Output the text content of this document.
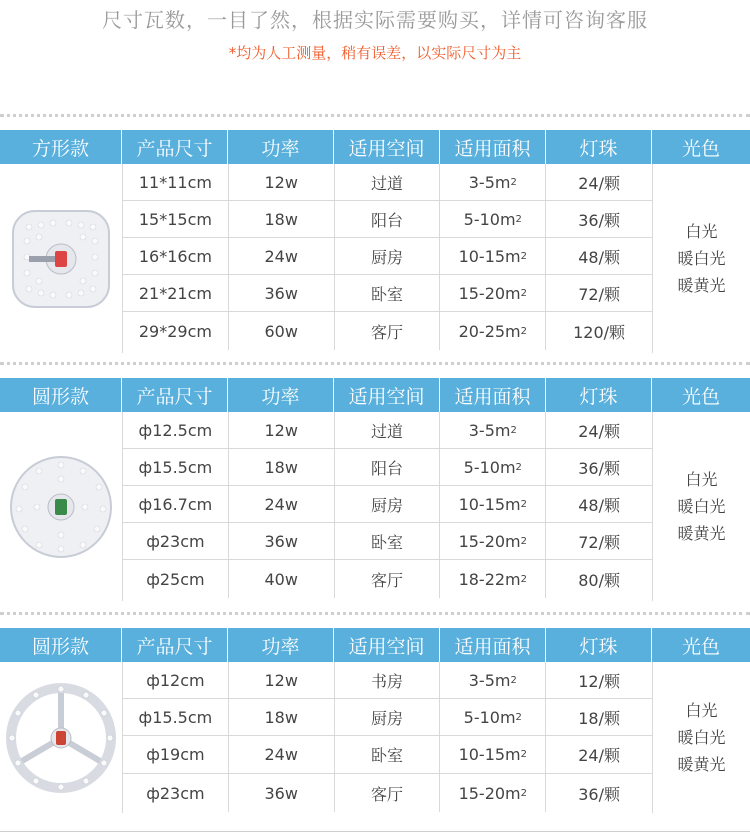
尺寸瓦数，一目了然，根据实际需要购买，详情可咨询客服
*均为人工测量，稍有误差，以实际尺寸为主
方形款	产品尺寸	功率	适用空间	适用面积	灯珠	光色
11*11cm	12w	过道	3-5m 2	24/颗
15*15cm	18w	阳台	5-10m 2	36/颗
16*16cm	24w	厨房	10-15m 2	48/颗
21*21cm	36w	卧室	15-20m 2	72/颗
29*29cm	60w	客厅	20-25m 2	120/颗
白光
暖白光
暖黄光
圆形款	产品尺寸	功率	适用空间	适用面积	灯珠	光色
ф12.5cm	12w	过道	3-5m 2	24/颗
ф15.5cm	18w	阳台	5-10m 2	36/颗
ф16.7cm	24w	厨房	10-15m 2	48/颗
ф23cm	36w	卧室	15-20m 2	72/颗
ф25cm	40w	客厅	18-22m 2	80/颗
白光
暖白光
暖黄光
圆形款	产品尺寸	功率	适用空间	适用面积	灯珠	光色
ф12cm	12w	书房	3-5m 2	12/颗
ф15.5cm	18w	厨房	5-10m 2	18/颗
ф19cm	24w	卧室	10-15m 2	24/颗
ф23cm	36w	客厅	15-20m 2	36/颗
白光
暖白光
暖黄光
